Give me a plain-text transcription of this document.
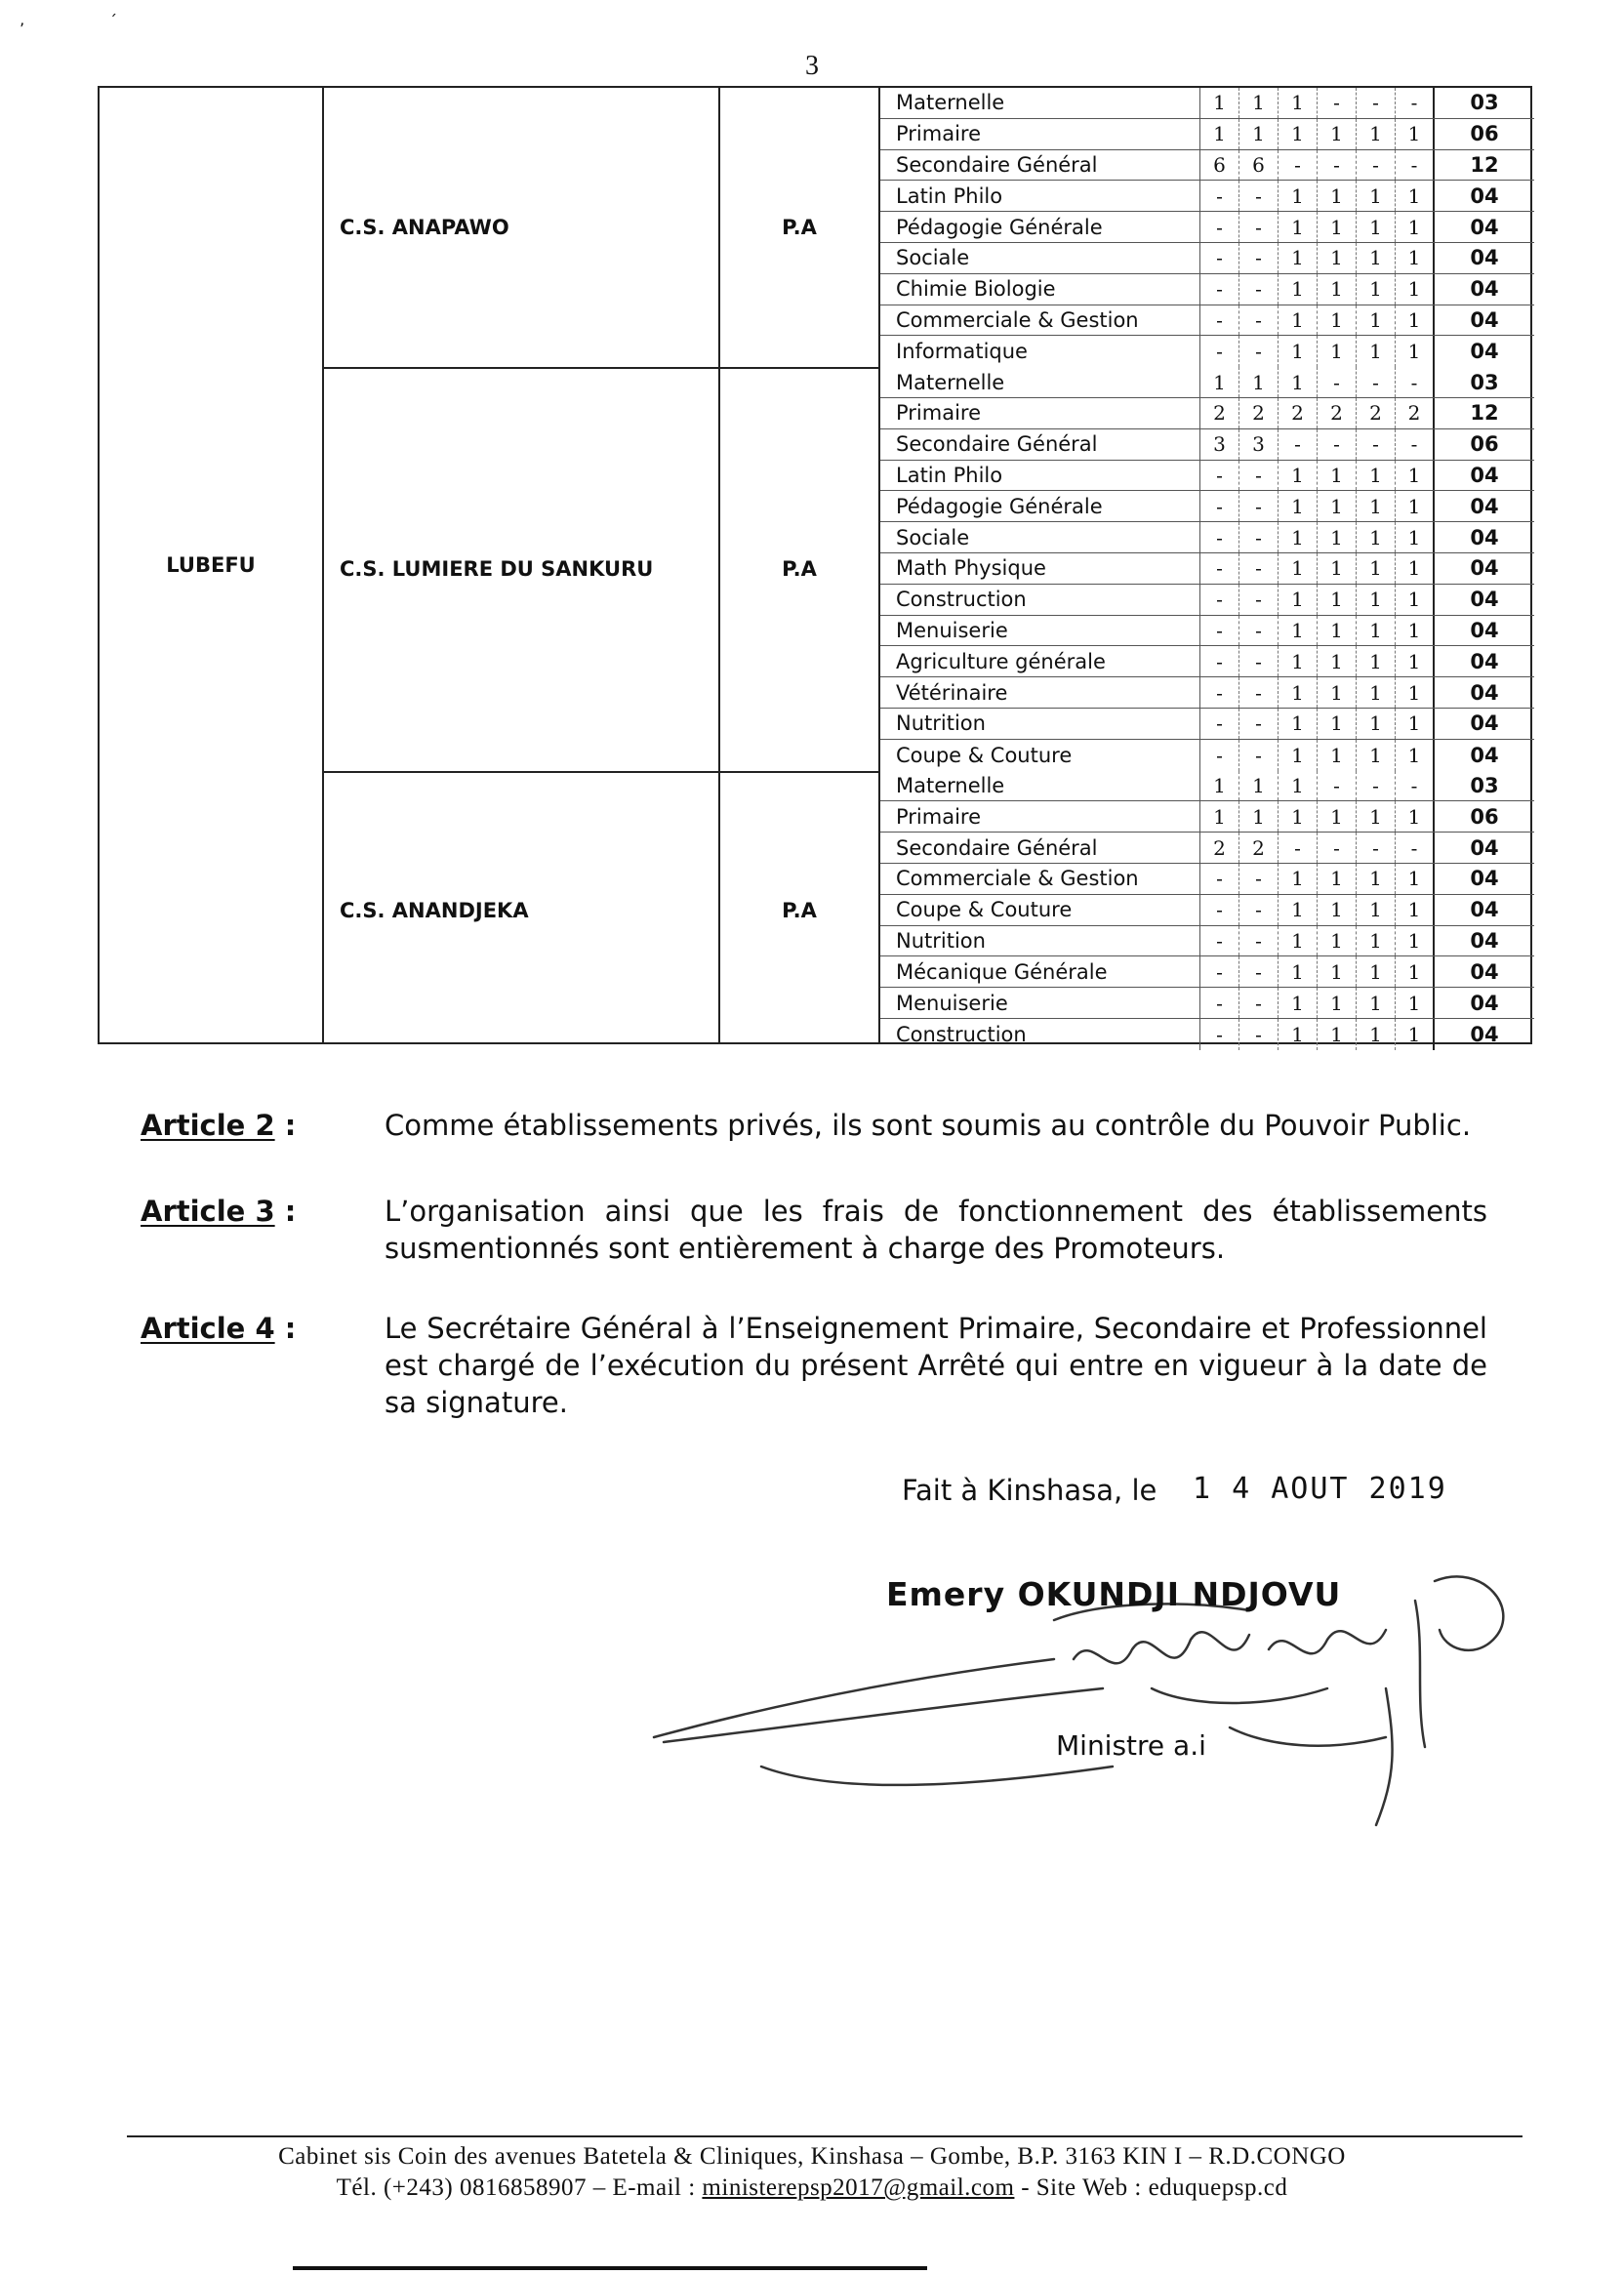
’	´
3
LUBEFU
C.S. ANAPAWO	P.A
Maternelle	1	1	1	-	-	-	03
Primaire	1	1	1	1	1	1	06
Secondaire Général	6	6	-	-	-	-	12
Latin Philo	-	-	1	1	1	1	04
Pédagogie Générale	-	-	1	1	1	1	04
Sociale	-	-	1	1	1	1	04
Chimie Biologie	-	-	1	1	1	1	04
Commerciale & Gestion	-	-	1	1	1	1	04
Informatique	-	-	1	1	1	1	04
C.S. LUMIERE DU SANKURU	P.A
Maternelle	1	1	1	-	-	-	03
Primaire	2	2	2	2	2	2	12
Secondaire Général	3	3	-	-	-	-	06
Latin Philo	-	-	1	1	1	1	04
Pédagogie Générale	-	-	1	1	1	1	04
Sociale	-	-	1	1	1	1	04
Math Physique	-	-	1	1	1	1	04
Construction	-	-	1	1	1	1	04
Menuiserie	-	-	1	1	1	1	04
Agriculture générale	-	-	1	1	1	1	04
Vétérinaire	-	-	1	1	1	1	04
Nutrition	-	-	1	1	1	1	04
Coupe & Couture	-	-	1	1	1	1	04
C.S. ANANDJEKA	P.A
Maternelle	1	1	1	-	-	-	03
Primaire	1	1	1	1	1	1	06
Secondaire Général	2	2	-	-	-	-	04
Commerciale & Gestion	-	-	1	1	1	1	04
Coupe & Couture	-	-	1	1	1	1	04
Nutrition	-	-	1	1	1	1	04
Mécanique Générale	-	-	1	1	1	1	04
Menuiserie	-	-	1	1	1	1	04
Construction	-	-	1	1	1	1	04
Article 2 :	Comme établissements privés, ils sont soumis au contrôle du Pouvoir Public.
Article 3 :	L’organisation ainsi que les frais de fonctionnement des établissements susmentionnés sont entièrement à charge des Promoteurs.
Article 4 :	Le Secrétaire Général à l’Enseignement Primaire, Secondaire et Professionnel est chargé de l’exécution du présent Arrêté qui entre en vigueur à la date de sa signature.
Fait à Kinshasa, le 1 4 AOUT 2019
Emery OKUNDJI NDJOVU
Ministre a.i
Cabinet sis Coin des avenues Batetela & Cliniques, Kinshasa – Gombe, B.P. 3163 KIN I – R.D.CONGO
Tél. (+243) 0816858907 – E-mail : ministerepsp2017@gmail.com - Site Web : eduquepsp.cd
